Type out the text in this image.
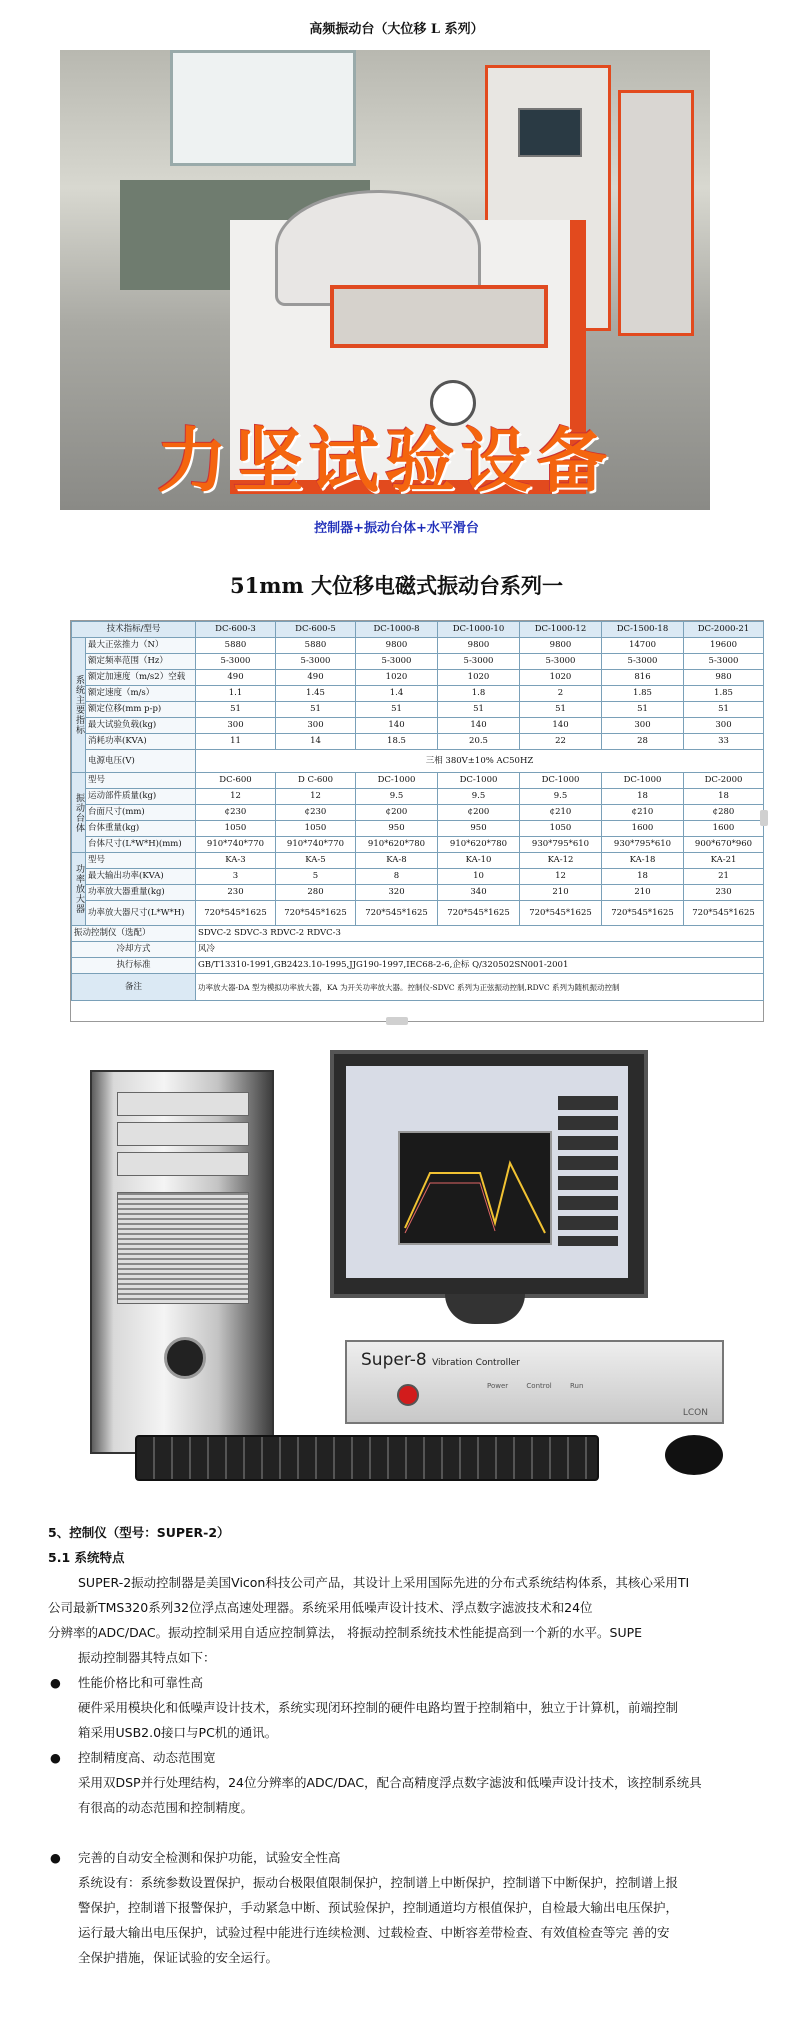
高频振动台（大位移 L 系列）
力坚试验设备
控制器+振动台体+水平滑台
51mm 大位移电磁式振动台系列一
技术指标/型号		DC-600-3	DC-600-5	DC-1000-8	DC-1000-10	DC-1000-12	DC-1500-18	DC-2000-21
系统主要指标	最大正弦推力（N）	5880	5880	9800	9800	9800	14700	19600
	额定频率范围（Hz）	5-3000	5-3000	5-3000	5-3000	5-3000	5-3000	5-3000
	额定加速度（m/s2）空载	490	490	1020	1020	1020	816	980
	额定速度（m/s）	1.1	1.45	1.4	1.8	2	1.85	1.85
	额定位移(mm p-p)	51	51	51	51	51	51	51
	最大试验负载(kg)	300	300	140	140	140	300	300
	消耗功率(KVA)	11	14	18.5	20.5	22	28	33
	电源电压(V)	三相 380V±10% AC50HZ						
振动台体	型号	DC-600	D C-600	DC-1000	DC-1000	DC-1000	DC-1000	DC-2000
	运动部件质量(kg)	12	12	9.5	9.5	9.5	18	18
	台面尺寸(mm)	¢230	¢230	¢200	¢200	¢210	¢210	¢280
	台体重量(kg)	1050	1050	950	950	1050	1600	1600
	台体尺寸(L*W*H)(mm)	910*740*770	910*740*770	910*620*780	910*620*780	930*795*610	930*795*610	900*670*960
功率放大器	型号	KA-3	KA-5	KA-8	KA-10	KA-12	KA-18	KA-21
	最大输出功率(KVA)	3	5	8	10	12	18	21
	功率放大器重量(kg)	230	280	320	340	210	210	230
	功率放大器尺寸(L*W*H)	720*545*1625	720*545*1625	720*545*1625	720*545*1625	720*545*1625	720*545*1625	720*545*1625
振动控制仪（选配）		SDVC-2 SDVC-3 RDVC-2 RDVC-3						
冷却方式		风冷						
执行标准		GB/T13310-1991,GB2423.10-1995,JJG190-1997,IEC68-2-6,企标 Q/320502SN001-2001						
备注		功率放大器-DA 型为模拟功率放大器，KA 为开关功率放大器。控制仪-SDVC 系列为正弦振动控制,RDVC 系列为随机振动控制						
Super-8 Vibration Controller
Power	Control	Run
LCON

5、控制仪（型号：SUPER-2）

5.1 系统特点

SUPER-2振动控制器是美国Vicon科技公司产品，其设计上采用国际先进的分布式系统结构体系，其核心采用TI

公司最新TMS320系列32位浮点高速处理器。系统采用低噪声设计技术、浮点数字滤波技术和24位

分辨率的ADC/DAC。振动控制采用自适应控制算法， 将振动控制系统技术性能提高到一个新的水平。SUPE

振动控制器其特点如下：

● 性能价格比和可靠性高

硬件采用模块化和低噪声设计技术，系统实现闭环控制的硬件电路均置于控制箱中，独立于计算机，前端控制

箱采用USB2.0接口与PC机的通讯。

● 控制精度高、动态范围宽

采用双DSP并行处理结构，24位分辨率的ADC/DAC，配合高精度浮点数字滤波和低噪声设计技术，该控制系统具

有很高的动态范围和控制精度。

● 完善的自动安全检测和保护功能，试验安全性高

系统设有：系统参数设置保护，振动台极限值限制保护，控制谱上中断保护，控制谱下中断保护，控制谱上报

警保护，控制谱下报警保护，手动紧急中断、预试验保护，控制通道均方根值保护，自检最大输出电压保护，

运行最大输出电压保护，试验过程中能进行连续检测、过载检查、中断容差带检查、有效值检查等完 善的安

全保护措施，保证试验的安全运行。
